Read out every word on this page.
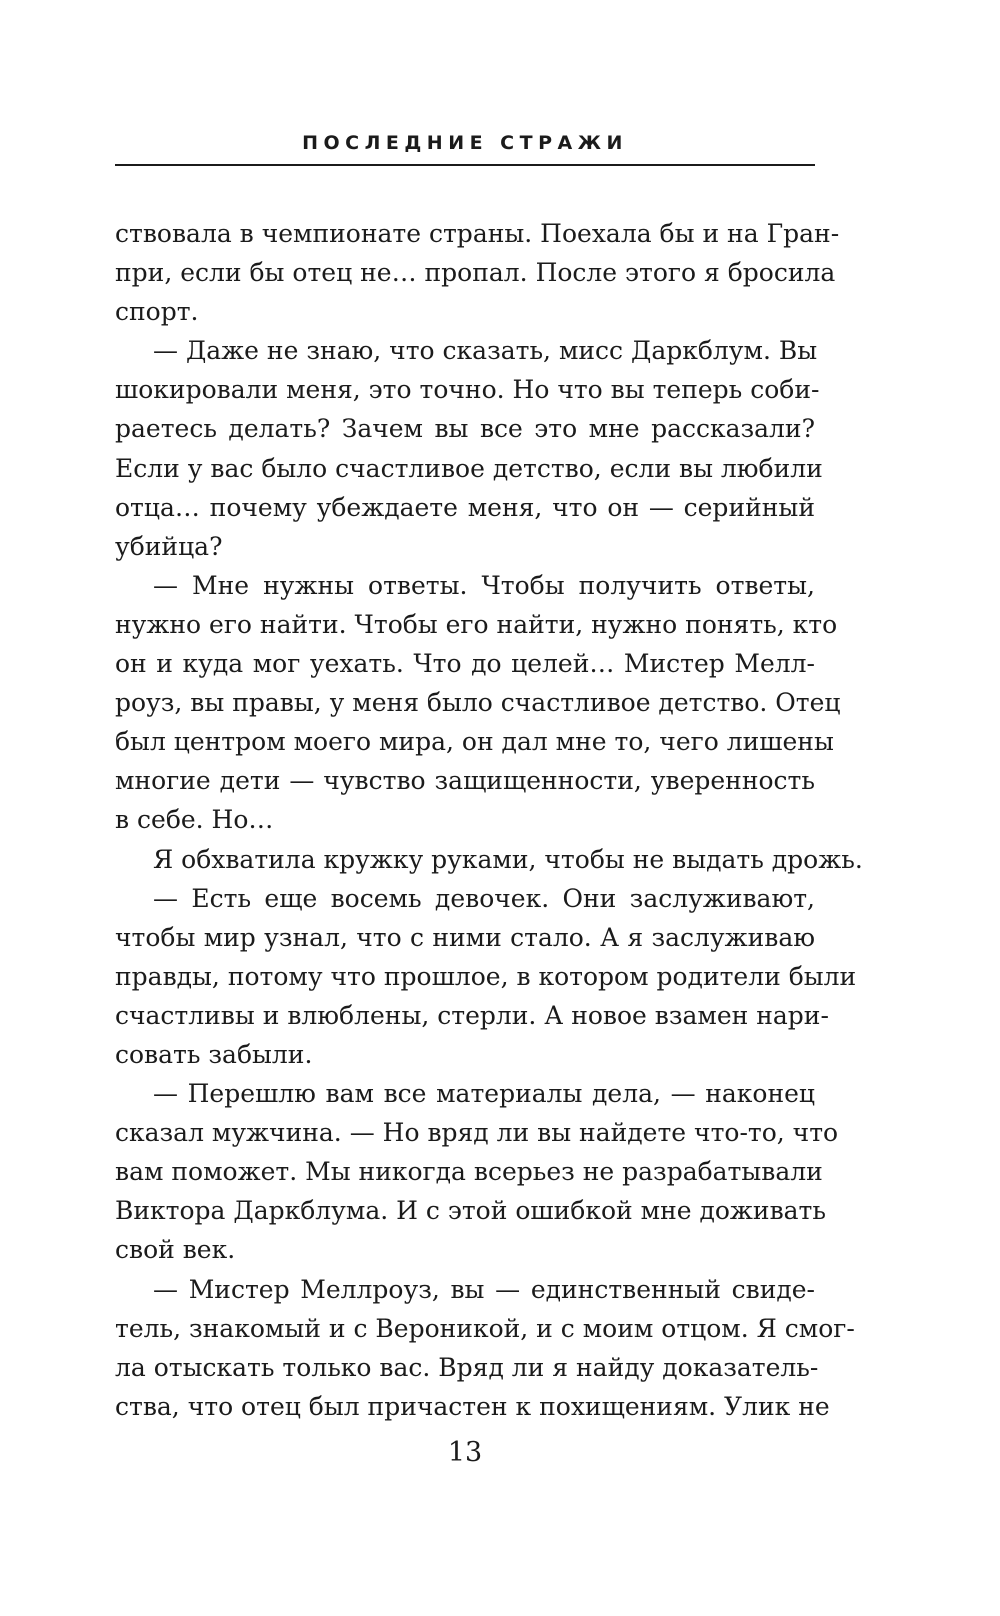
ПОСЛЕДНИЕ СТРАЖИ
ствовала в чемпионате страны. Поехала бы и на Гран-
при, если бы отец не… пропал. После этого я бросила
спорт.
— Даже не знаю, что сказать, мисс Даркблум. Вы
шокировали меня, это точно. Но что вы теперь соби-
раетесь делать? Зачем вы все это мне рассказали?
Если у вас было счастливое детство, если вы любили
отца… почему убеждаете меня, что он — серийный
убийца?
— Мне нужны ответы. Чтобы получить ответы,
нужно его найти. Чтобы его найти, нужно понять, кто
он и куда мог уехать. Что до целей… Мистер Мелл-
роуз, вы правы, у меня было счастливое детство. Отец
был центром моего мира, он дал мне то, чего лишены
многие дети — чувство защищенности, уверенность
в себе. Но…
Я обхватила кружку руками, чтобы не выдать дрожь.
— Есть еще восемь девочек. Они заслуживают,
чтобы мир узнал, что с ними стало. А я заслуживаю
правды, потому что прошлое, в котором родители были
счастливы и влюблены, стерли. А новое взамен нари-
совать забыли.
— Перешлю вам все материалы дела, — наконец
сказал мужчина. — Но вряд ли вы найдете что-то, что
вам поможет. Мы никогда всерьез не разрабатывали
Виктора Даркблума. И с этой ошибкой мне доживать
свой век.
— Мистер Меллроуз, вы — единственный свиде-
тель, знакомый и с Вероникой, и с моим отцом. Я смог-
ла отыскать только вас. Вряд ли я найду доказатель-
ства, что отец был причастен к похищениям. Улик не
13
